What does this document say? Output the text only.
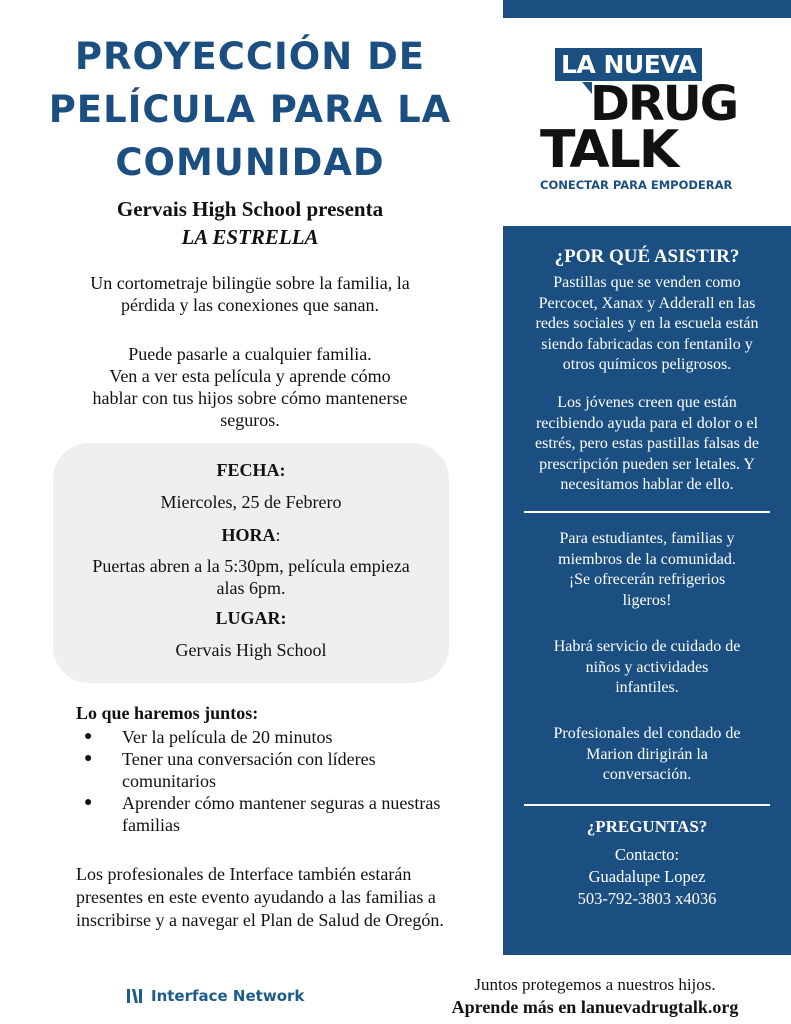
PROYECCIÓN DE
PELÍCULA PARA LA
COMUNIDAD
Gervais High School presenta
LA ESTRELLA
Un cortometraje bilingüe sobre la familia, la
pérdida y las conexiones que sanan.
Puede pasarle a cualquier familia.
Ven a ver esta película y aprende cómo
hablar con tus hijos sobre cómo mantenerse
seguros.
FECHA:
Miercoles, 25 de Febrero
HORA:
Puertas abren a la 5:30pm, película empieza
alas 6pm.
LUGAR:
Gervais High School
Lo que haremos juntos:
● Ver la película de 20 minutos
● Tener una conversación con líderes comunitarios
● Aprender cómo mantener seguras a nuestras familias
Los profesionales de Interface también estarán presentes en este evento ayudando a las familias a inscribirse y a navegar el Plan de Salud de Oregón.
Interface Network
Juntos protegemos a nuestros hijos.
Aprende más en lanuevadrugtalk.org
LA NUEVA
DRUG
TALK
CONECTAR PARA EMPODERAR
¿POR QUÉ ASISTIR?
Pastillas que se venden como
Percocet, Xanax y Adderall en las
redes sociales y en la escuela están
siendo fabricadas con fentanilo y
otros químicos peligrosos.
Los jóvenes creen que están
recibiendo ayuda para el dolor o el
estrés, pero estas pastillas falsas de
prescripción pueden ser letales. Y
necesitamos hablar de ello.
Para estudiantes, familias y
miembros de la comunidad.
¡Se ofrecerán refrigerios
ligeros!
Habrá servicio de cuidado de
niños y actividades
infantiles.
Profesionales del condado de
Marion dirigirán la
conversación.
¿PREGUNTAS?
Contacto:
Guadalupe Lopez
503-792-3803 x4036
